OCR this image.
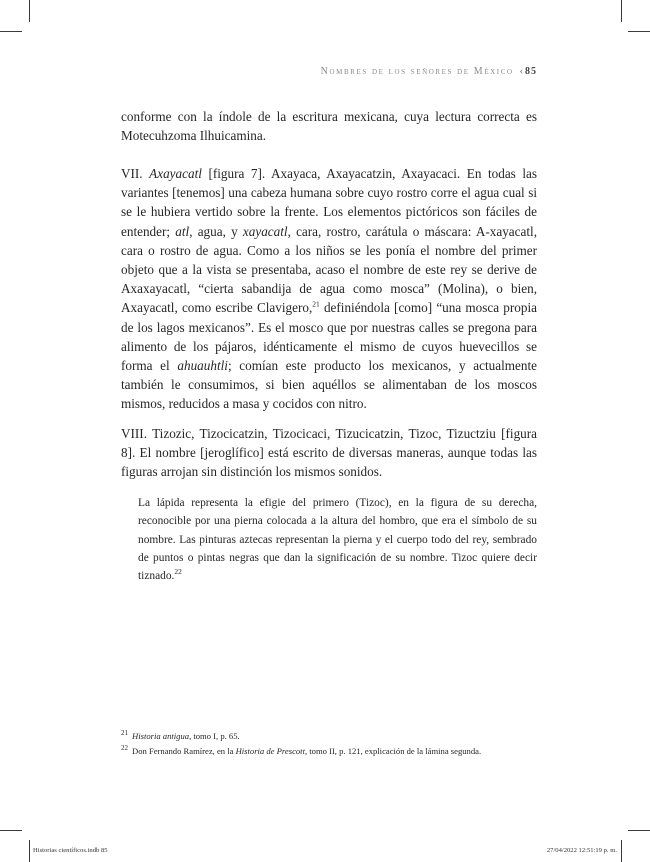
Nombres de los señores de México ‹ 85

conforme con la índole de la escritura mexicana, cuya lectura correcta es Motecuhzoma Ilhuicamina.

VII. Axayacatl [figura 7]. Axayaca, Axayacatzin, Axayacaci. En todas las variantes [tenemos] una cabeza humana sobre cuyo rostro corre el agua cual si se le hubiera vertido sobre la frente. Los elementos pictóricos son fáciles de entender; atl, agua, y xayacatl, cara, rostro, carátula o máscara: A-xayacatl, cara o rostro de agua. Como a los niños se les ponía el nombre del primer objeto que a la vista se presentaba, acaso el nombre de este rey se derive de Axaxayacatl, “cierta sabandija de agua como mosca” (Molina), o bien, Axayacatl, como escribe Clavigero,$^{21}$ definiéndola [como] “una mosca propia de los lagos mexicanos”. Es el mosco que por nuestras calles se pregona para alimento de los pájaros, idénticamente el mismo de cuyos huevecillos se forma el ahuauhtli; comían este producto los mexicanos, y actualmente también le consumimos, si bien aquéllos se alimentaban de los moscos mismos, reducidos a masa y cocidos con nitro.

VIII. Tizozic, Tizocicatzin, Tizocicaci, Tizucicatzin, Tizoc, Tizuctziu [figura 8]. El nombre [jeroglífico] está escrito de diversas maneras, aunque todas las figuras arrojan sin distinción los mismos sonidos.

La lápida representa la efigie del primero (Tizoc), en la figura de su derecha, reconocible por una pierna colocada a la altura del hombro, que era el símbolo de su nombre. Las pinturas aztecas representan la pierna y el cuerpo todo del rey, sembrado de puntos o pintas negras que dan la significación de su nombre. Tizoc quiere decir tiznado.$^{22}$

$^{21}$ Historia antigua, tomo I, p. 65.
$^{22}$ Don Fernando Ramírez, en la Historia de Prescott, tomo II, p. 121, explicación de la lámina segunda.
Historias científicos.indb 85	27/04/2022 12:51:19 p. m.
